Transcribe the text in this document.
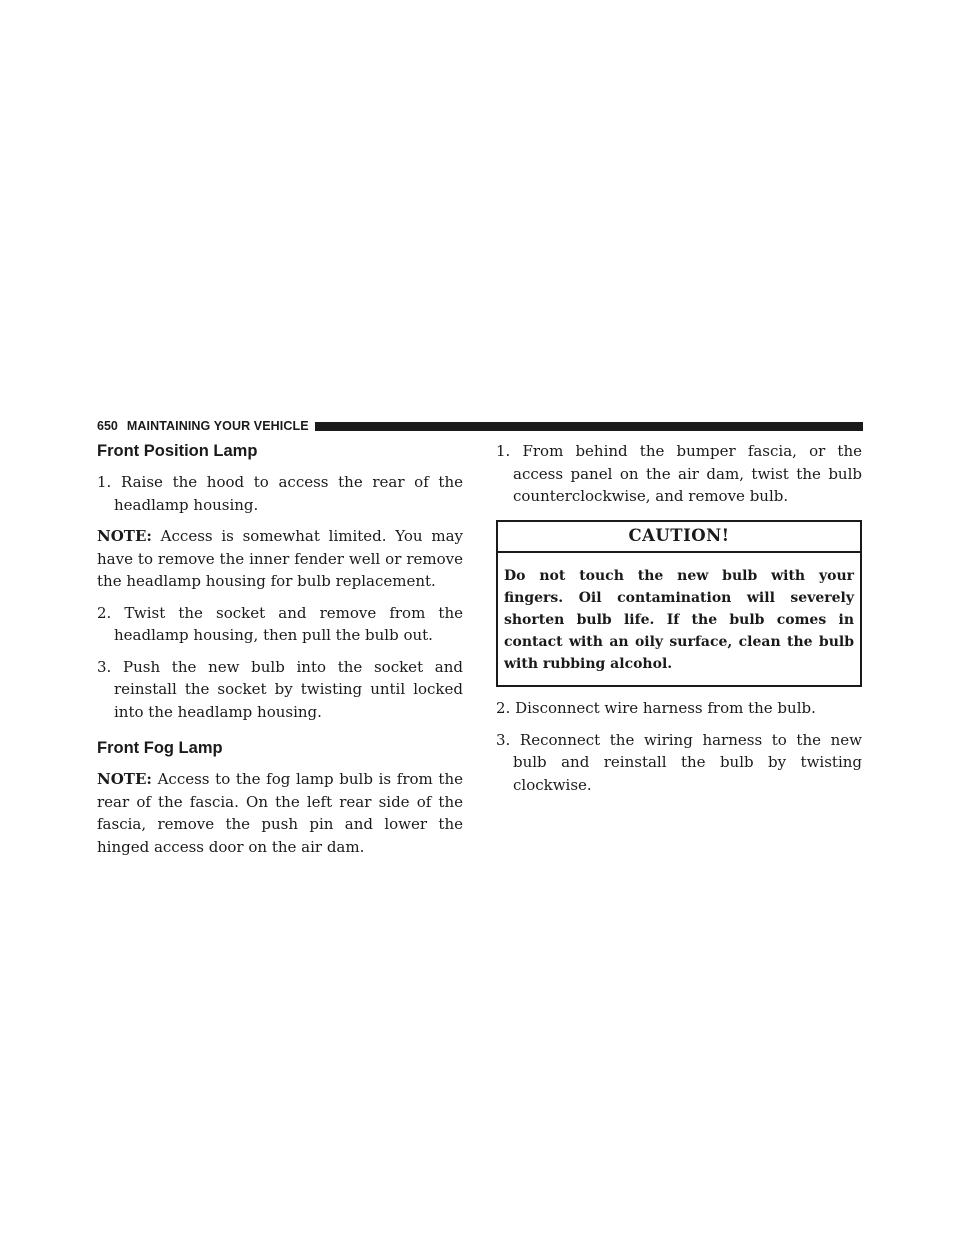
650 MAINTAINING YOUR VEHICLE
Front Position Lamp

1. Raise the hood to access the rear of the headlamp housing.

NOTE: Access is somewhat limited. You may have to remove the inner fender well or remove the headlamp housing for bulb replacement.

2. Twist the socket and remove from the headlamp housing, then pull the bulb out.

3. Push the new bulb into the socket and reinstall the socket by twisting until locked into the headlamp housing.

Front Fog Lamp

NOTE: Access to the fog lamp bulb is from the rear of the fascia. On the left rear side of the fascia, remove the push pin and lower the hinged access door on the air dam.

1. From behind the bumper fascia, or the access panel on the air dam, twist the bulb counterclockwise, and remove bulb.

CAUTION!
Do not touch the new bulb with your fingers. Oil contamination will severely shorten bulb life. If the bulb comes in contact with an oily surface, clean the bulb with rubbing alcohol.

2. Disconnect wire harness from the bulb.

3. Reconnect the wiring harness to the new bulb and reinstall the bulb by twisting clockwise.
